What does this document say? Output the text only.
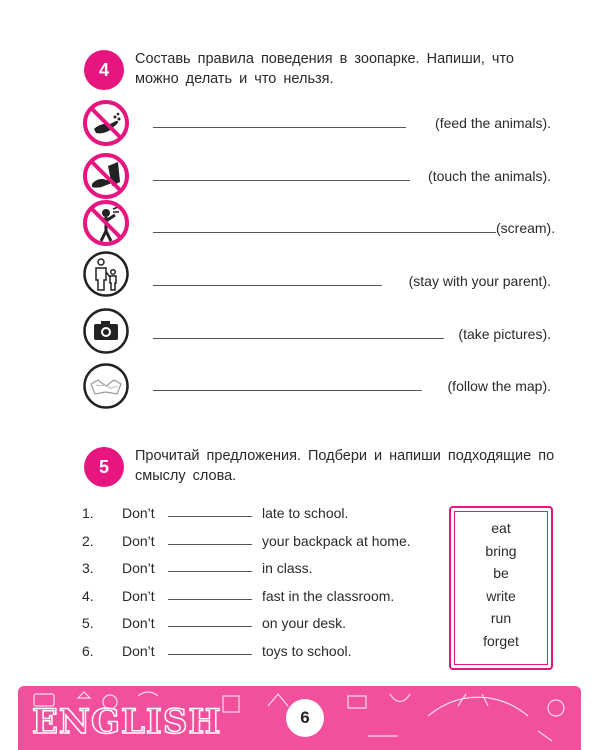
4
Составь правила поведения в зоопарке. Напиши, что можно делать и что нельзя.
(feed the animals).
(touch the animals).
(scream).
(stay with your parent).
(take pictures).
(follow the map).
5
Прочитай предложения. Подбери и напиши подходящие по смыслу слова.
1.	Don’t	late to school.
2.	Don’t	your backpack at home.
3.	Don’t	in class.
4.	Don’t	fast in the classroom.
5.	Don’t	on your desk.
6.	Don’t	toys to school.
eat
bring
be
write
run
forget
ENGLISH	6
